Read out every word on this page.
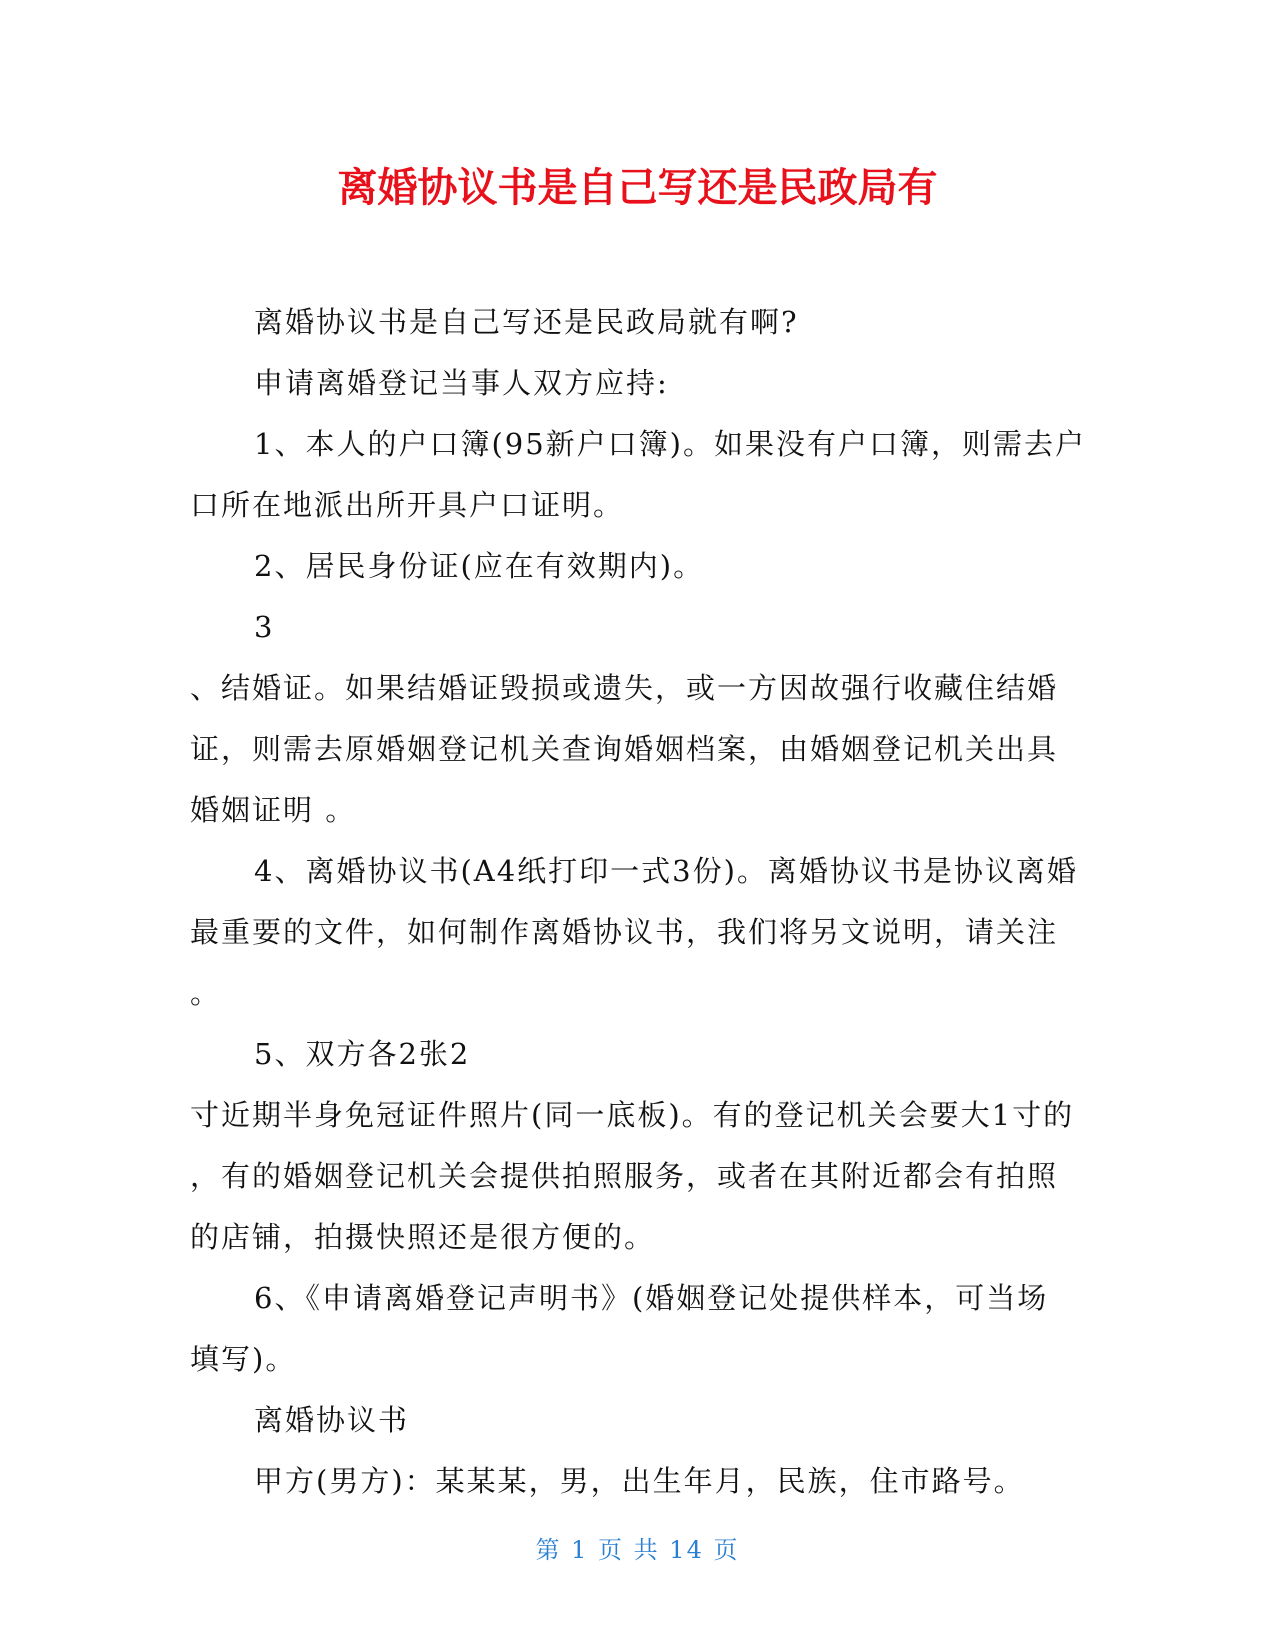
离婚协议书是自己写还是民政局有

离婚协议书是自己写还是民政局就有啊?

申请离婚登记当事人双方应持:

1、本人的户口簿(95新户口簿)。如果没有户口簿，则需去户

口所在地派出所开具户口证明。

2、居民身份证(应在有效期内)。

3

、结婚证。如果结婚证毁损或遗失，或一方因故强行收藏住结婚

证，则需去原婚姻登记机关查询婚姻档案，由婚姻登记机关出具

婚姻证明 。

4、离婚协议书(A4纸打印一式3份)。离婚协议书是协议离婚

最重要的文件，如何制作离婚协议书，我们将另文说明，请关注

。

5、双方各2张2

寸近期半身免冠证件照片(同一底板)。有的登记机关会要大1寸的

，有的婚姻登记机关会提供拍照服务，或者在其附近都会有拍照

的店铺，拍摄快照还是很方便的。

6、《申请离婚登记声明书》(婚姻登记处提供样本，可当场

填写)。

离婚协议书

甲方(男方)：某某某，男，出生年月，民族，住市路号。

第 1 页 共 14 页
